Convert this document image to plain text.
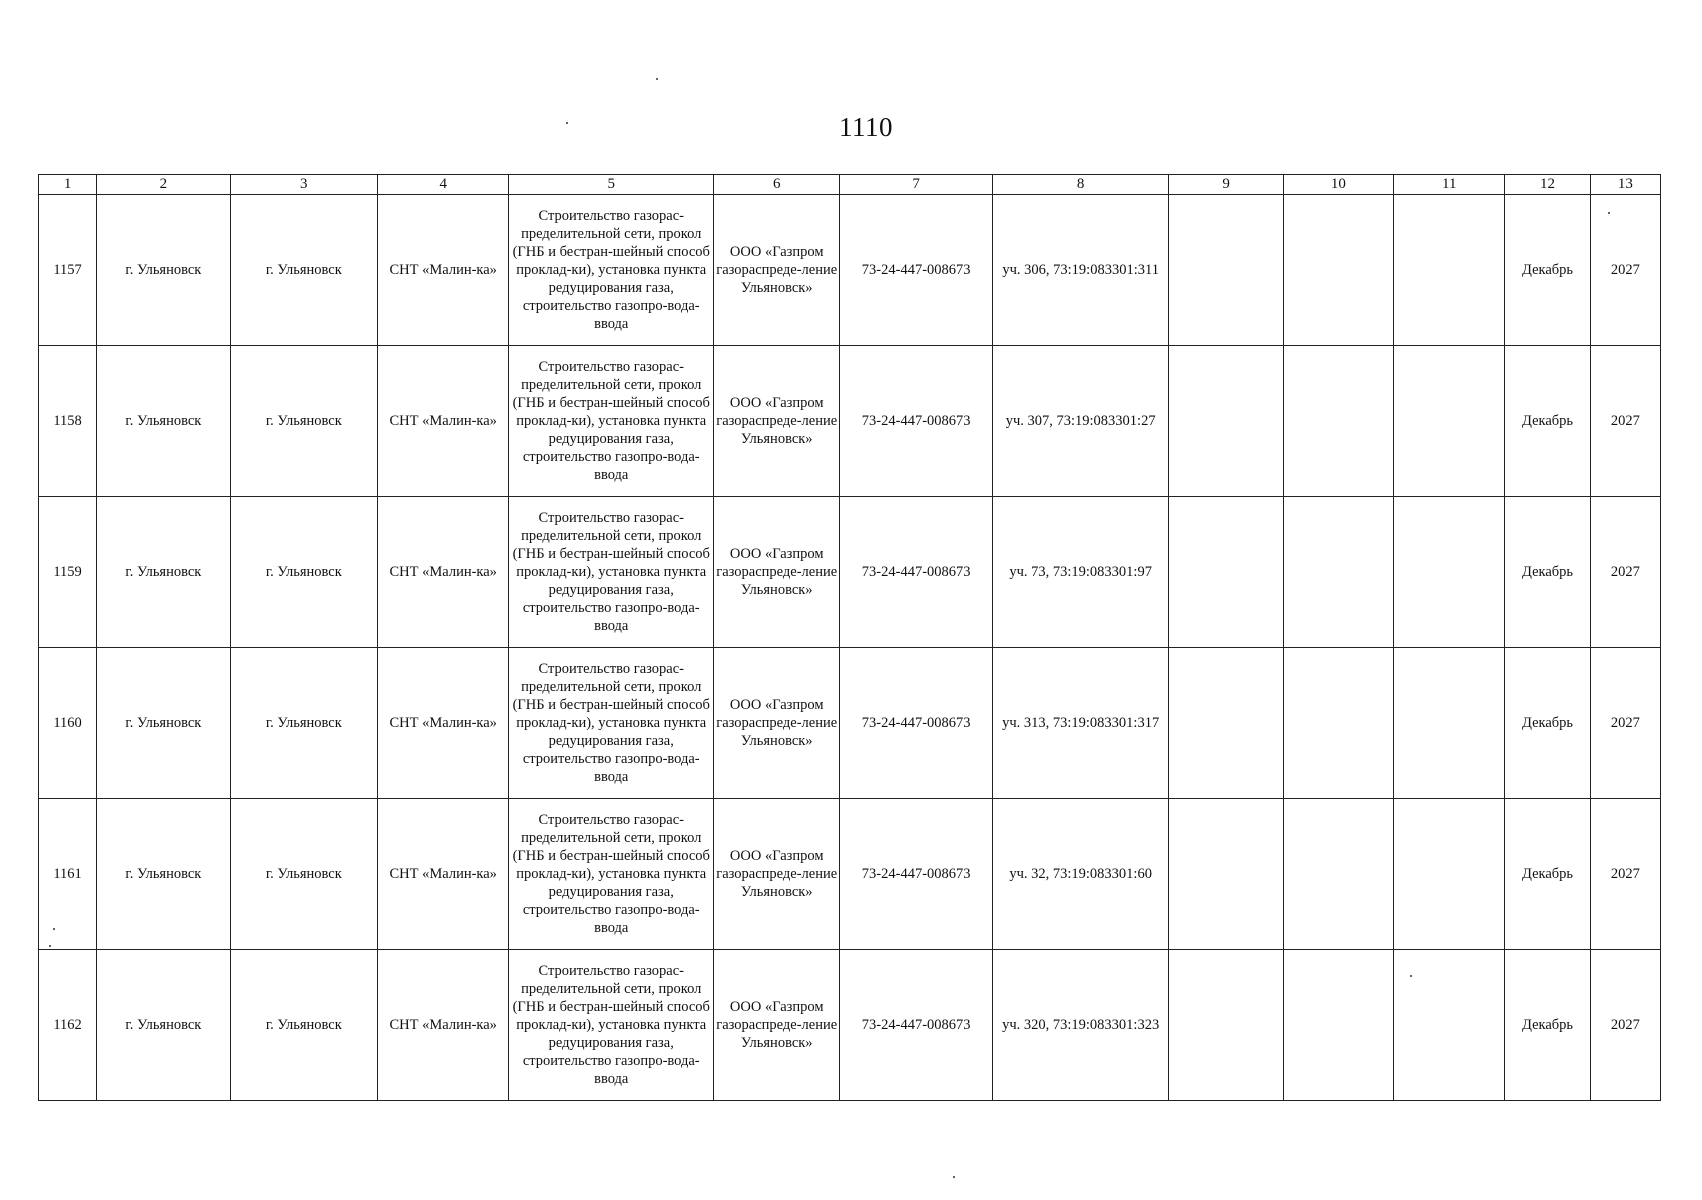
1110
1	2	3	4	5	6	7	8	9	10	11	12	13
1157	г. Ульяновск	г. Ульяновск	СНТ «Малин-ка»	Строительство газорас-пределительной сети, прокол (ГНБ и бестран-шейный способ проклад-ки), установка пункта редуцирования газа, строительство газопро-вода-ввода	ООО «Газпром газораспреде-ление Ульяновск»	73-24-447-008673	уч. 306, 73:19:083301:311				Декабрь	2027
1158	г. Ульяновск	г. Ульяновск	СНТ «Малин-ка»	Строительство газорас-пределительной сети, прокол (ГНБ и бестран-шейный способ проклад-ки), установка пункта редуцирования газа, строительство газопро-вода-ввода	ООО «Газпром газораспреде-ление Ульяновск»	73-24-447-008673	уч. 307, 73:19:083301:27				Декабрь	2027
1159	г. Ульяновск	г. Ульяновск	СНТ «Малин-ка»	Строительство газорас-пределительной сети, прокол (ГНБ и бестран-шейный способ проклад-ки), установка пункта редуцирования газа, строительство газопро-вода-ввода	ООО «Газпром газораспреде-ление Ульяновск»	73-24-447-008673	уч. 73, 73:19:083301:97				Декабрь	2027
1160	г. Ульяновск	г. Ульяновск	СНТ «Малин-ка»	Строительство газорас-пределительной сети, прокол (ГНБ и бестран-шейный способ проклад-ки), установка пункта редуцирования газа, строительство газопро-вода-ввода	ООО «Газпром газораспреде-ление Ульяновск»	73-24-447-008673	уч. 313, 73:19:083301:317				Декабрь	2027
1161	г. Ульяновск	г. Ульяновск	СНТ «Малин-ка»	Строительство газорас-пределительной сети, прокол (ГНБ и бестран-шейный способ проклад-ки), установка пункта редуцирования газа, строительство газопро-вода-ввода	ООО «Газпром газораспреде-ление Ульяновск»	73-24-447-008673	уч. 32, 73:19:083301:60				Декабрь	2027
1162	г. Ульяновск	г. Ульяновск	СНТ «Малин-ка»	Строительство газорас-пределительной сети, прокол (ГНБ и бестран-шейный способ проклад-ки), установка пункта редуцирования газа, строительство газопро-вода-ввода	ООО «Газпром газораспреде-ление Ульяновск»	73-24-447-008673	уч. 320, 73:19:083301:323				Декабрь	2027
